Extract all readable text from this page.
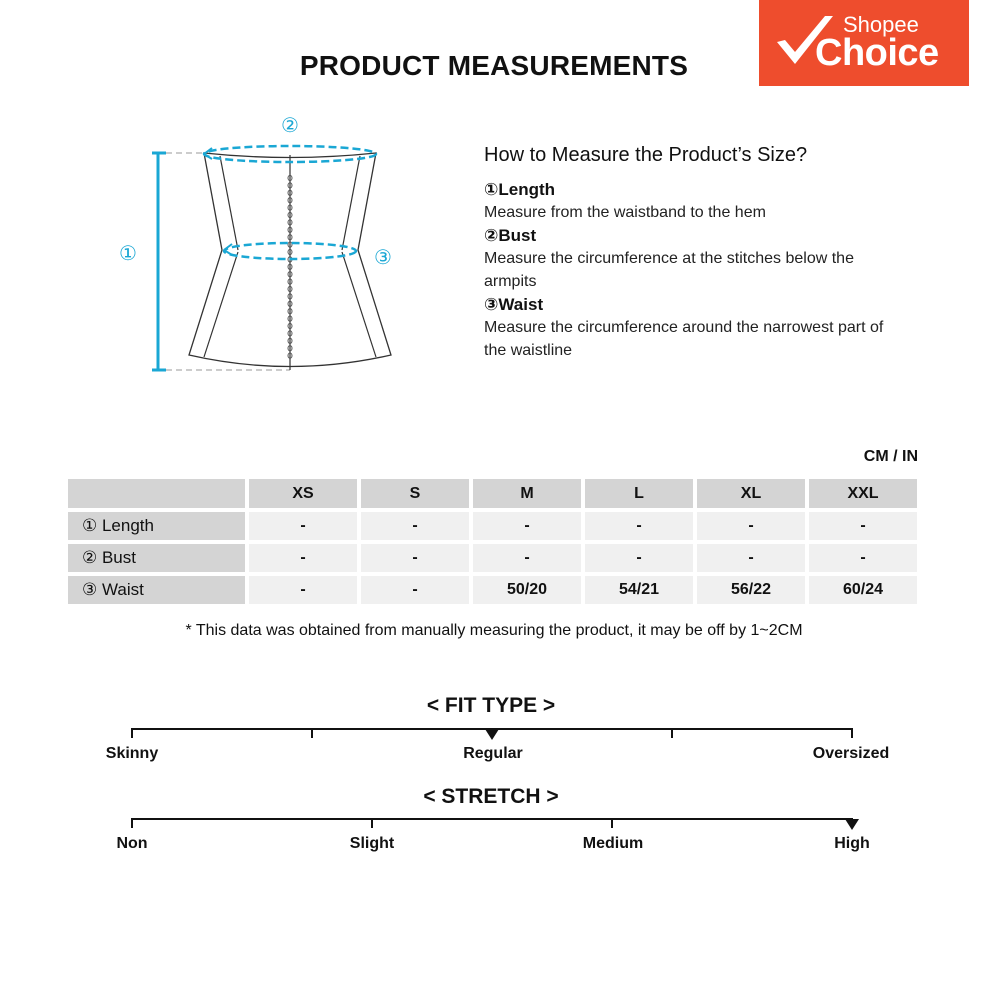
Shopee
Choice
PRODUCT MEASUREMENTS
①
②
③
How to Measure the Product’s Size?
①Length
Measure from the waistband to the hem
②Bust
Measure the circumference at the stitches below the armpits
③Waist
Measure the circumference around the narrowest part of the waistline
CM / IN
	XS	S	M	L	XL	XXL
① Length	-	-	-	-	-	-
② Bust	-	-	-	-	-	-
③ Waist	-	-	50/20	54/21	56/22	60/24
* This data was obtained from manually measuring the product, it may be off by 1~2CM
< FIT TYPE >
Skinny	Regular	Oversized
< STRETCH >
Non	Slight	Medium	High
